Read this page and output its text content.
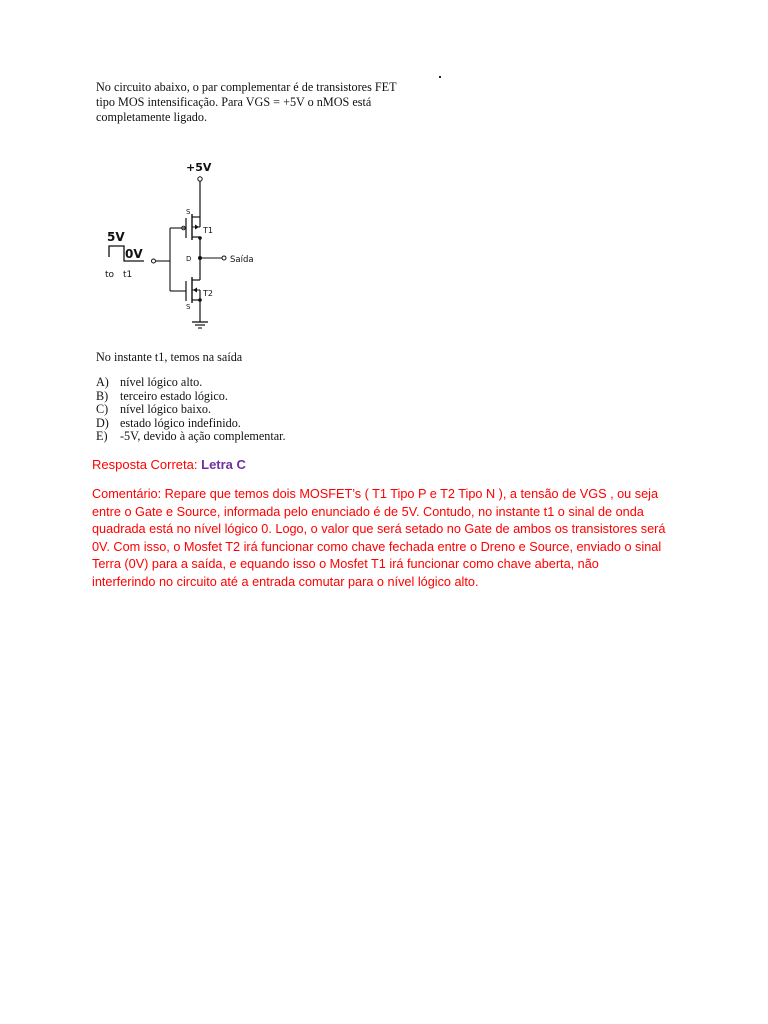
No circuito abaixo, o par complementar é de transistores FET
tipo MOS intensificação. Para VGS = +5V o nMOS está
completamente ligado.
+5V
S
T1
D	Saída
T2
S
5V
0V
to t1
No instante t1, temos na saída
A) nível lógico alto.
B) terceiro estado lógico.
C) nível lógico baixo.
D) estado lógico indefinido.
E)	-5V, devido à ação complementar.
Resposta Correta: Letra C
Comentário: Repare que temos dois MOSFET’s ( T1 Tipo P e T2 Tipo N ), a tensão de VGS , ou seja
entre o Gate e Source, informada pelo enunciado é de 5V. Contudo, no instante t1 o sinal de onda
quadrada está no nível lógico 0. Logo, o valor que será setado no Gate de ambos os transistores será
0V. Com isso, o Mosfet T2 irá funcionar como chave fechada entre o Dreno e Source, enviado o sinal
Terra (0V) para a saída, e equando isso o Mosfet T1 irá funcionar como chave aberta, não
interferindo no circuito até a entrada comutar para o nível lógico alto.
